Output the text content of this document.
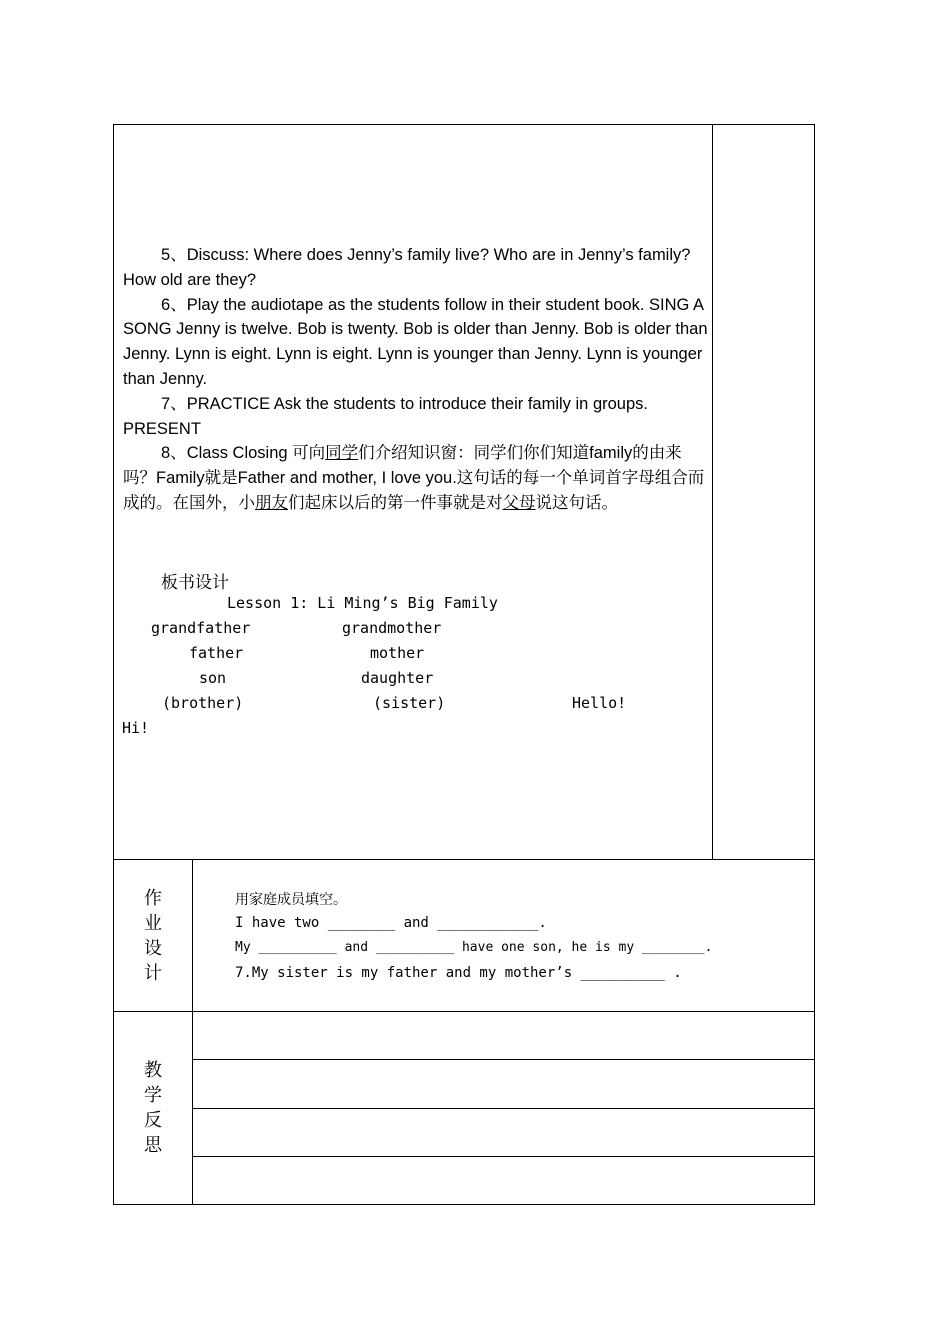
5、Discuss: Where does Jenny’s family live? Who are in Jenny’s family? How old are they?

6、Play the audiotape as the students follow in their student book. SING A SONG Jenny is twelve. Bob is twenty. Bob is older than Jenny. Bob is older than Jenny. Lynn is eight. Lynn is eight. Lynn is younger than Jenny. Lynn is younger than Jenny.

7、PRACTICE Ask the students to introduce their family in groups. PRESENT

8、Class Closing 可向同学们介绍知识窗：同学们你们知道family的由来吗？Family就是Father and mother, I love you.这句话的每一个单词首字母组合而成的。在国外，小朋友们起床以后的第一件事就是对父母说这句话。

板书设计
Lesson 1: Li Ming’s Big Family
grandfather	grandmother
father	mother
son	daughter
(brother)	(sister)	Hello!
Hi!
作
业
设
计
用家庭成员填空。
I have two ________ and ____________.
My __________ and __________ have one son, he is my ________.
7.My sister is my father and my mother’s __________ .
教
学
反
思
